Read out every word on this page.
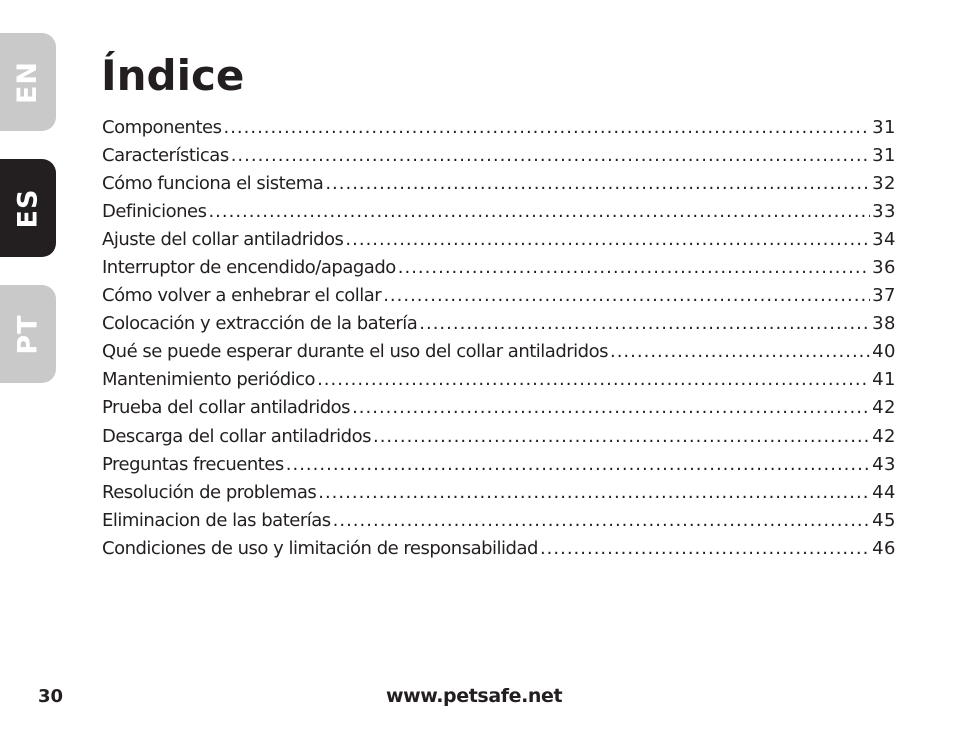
EN
ES
PT
Índice
Componentes .....	31
Características .....	31
Cómo funciona el sistema .....	32
Definiciones .....	33
Ajuste del collar antiladridos .....	34
Interruptor de encendido/apagado .....	36
Cómo volver a enhebrar el collar .....	37
Colocación y extracción de la batería .....	38
Qué se puede esperar durante el uso del collar antiladridos .....	40
Mantenimiento periódico .....	41
Prueba del collar antiladridos .....	42
Descarga del collar antiladridos .....	42
Preguntas frecuentes .....	43
Resolución de problemas .....	44
Eliminacion de las baterías .....	45
Condiciones de uso y limitación de responsabilidad .....	46
30	www.petsafe.net
